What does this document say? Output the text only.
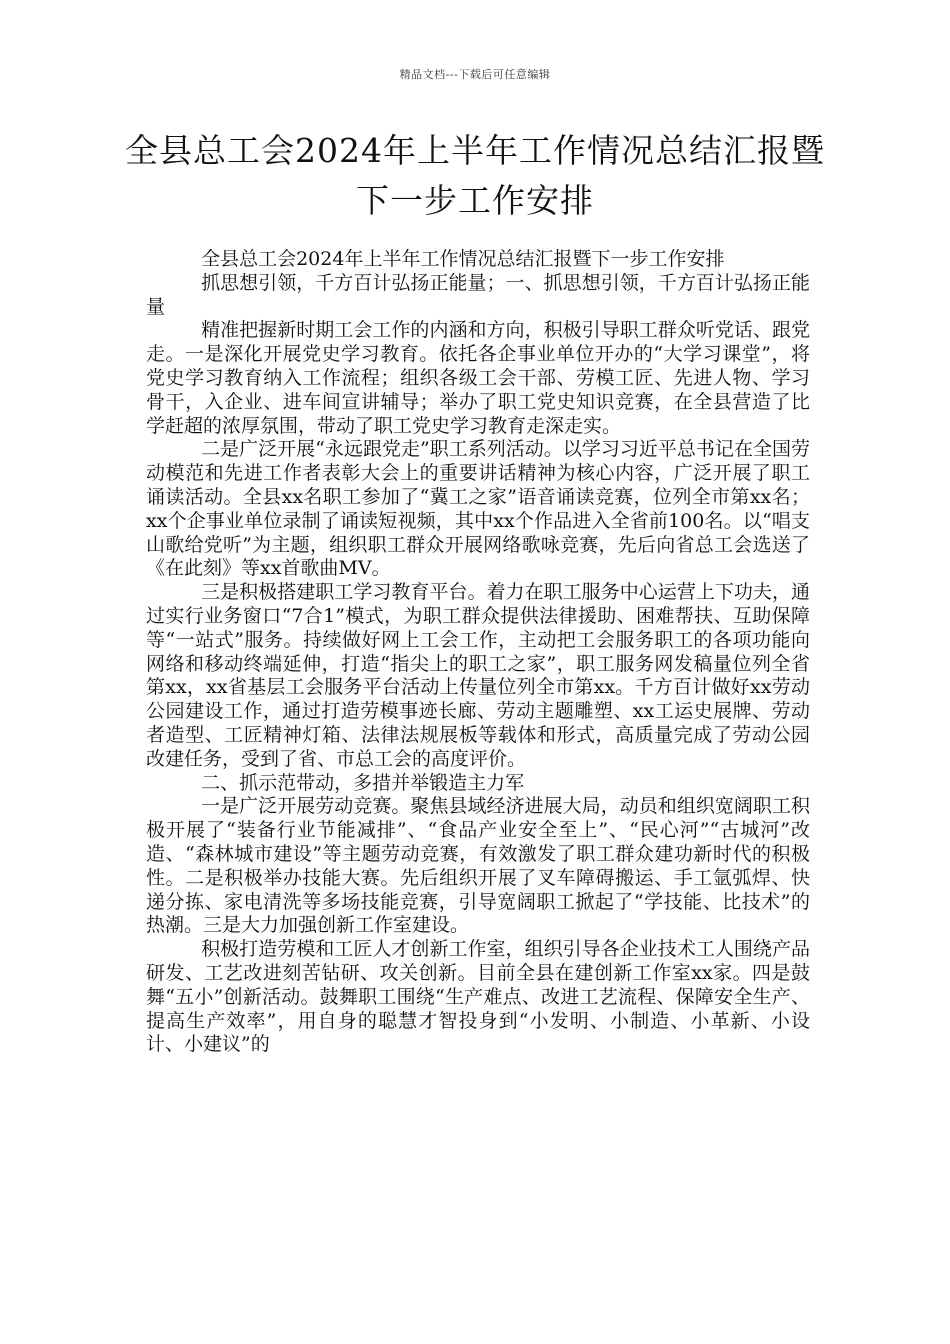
精品文档---下载后可任意编辑
全县总工会2024年上半年工作情况总结汇报暨下一步工作安排

全县总工会2024年上半年工作情况总结汇报暨下一步工作安排

抓思想引领，千方百计弘扬正能量；一、抓思想引领，千方百计弘扬正能量

精准把握新时期工会工作的内涵和方向，积极引导职工群众听党话、跟党走。一是深化开展党史学习教育。依托各企事业单位开办的“大学习课堂”，将党史学习教育纳入工作流程；组织各级工会干部、劳模工匠、先进人物、学习骨干，入企业、进车间宣讲辅导；举办了职工党史知识竞赛，在全县营造了比学赶超的浓厚氛围，带动了职工党史学习教育走深走实。

二是广泛开展“永远跟党走”职工系列活动。以学习习近平总书记在全国劳动模范和先进工作者表彰大会上的重要讲话精神为核心内容，广泛开展了职工诵读活动。全县xx名职工参加了“冀工之家”语音诵读竞赛，位列全市第xx名；xx个企事业单位录制了诵读短视频，其中xx个作品进入全省前100名。以“唱支山歌给党听”为主题，组织职工群众开展网络歌咏竞赛，先后向省总工会选送了《在此刻》等xx首歌曲MV。

三是积极搭建职工学习教育平台。着力在职工服务中心运营上下功夫，通过实行业务窗口“7合1”模式，为职工群众提供法律援助、困难帮扶、互助保障等“一站式”服务。持续做好网上工会工作，主动把工会服务职工的各项功能向网络和移动终端延伸，打造“指尖上的职工之家”，职工服务网发稿量位列全省第xx，xx省基层工会服务平台活动上传量位列全市第xx。千方百计做好xx劳动公园建设工作，通过打造劳模事迹长廊、劳动主题雕塑、xx工运史展牌、劳动者造型、工匠精神灯箱、法律法规展板等载体和形式，高质量完成了劳动公园改建任务，受到了省、市总工会的高度评价。

二、抓示范带动，多措并举锻造主力军

一是广泛开展劳动竞赛。聚焦县域经济进展大局，动员和组织宽阔职工积极开展了“装备行业节能减排”、“食品产业安全至上”、“民心河”“古城河”改造、“森林城市建设”等主题劳动竞赛，有效激发了职工群众建功新时代的积极性。二是积极举办技能大赛。先后组织开展了叉车障碍搬运、手工氩弧焊、快递分拣、家电清洗等多场技能竞赛，引导宽阔职工掀起了“学技能、比技术”的热潮。三是大力加强创新工作室建设。

积极打造劳模和工匠人才创新工作室，组织引导各企业技术工人围绕产品研发、工艺改进刻苦钻研、攻关创新。目前全县在建创新工作室xx家。四是鼓舞“五小”创新活动。鼓舞职工围绕“生产难点、改进工艺流程、保障安全生产、提高生产效率”，用自身的聪慧才智投身到“小发明、小制造、小革新、小设计、小建议”的
